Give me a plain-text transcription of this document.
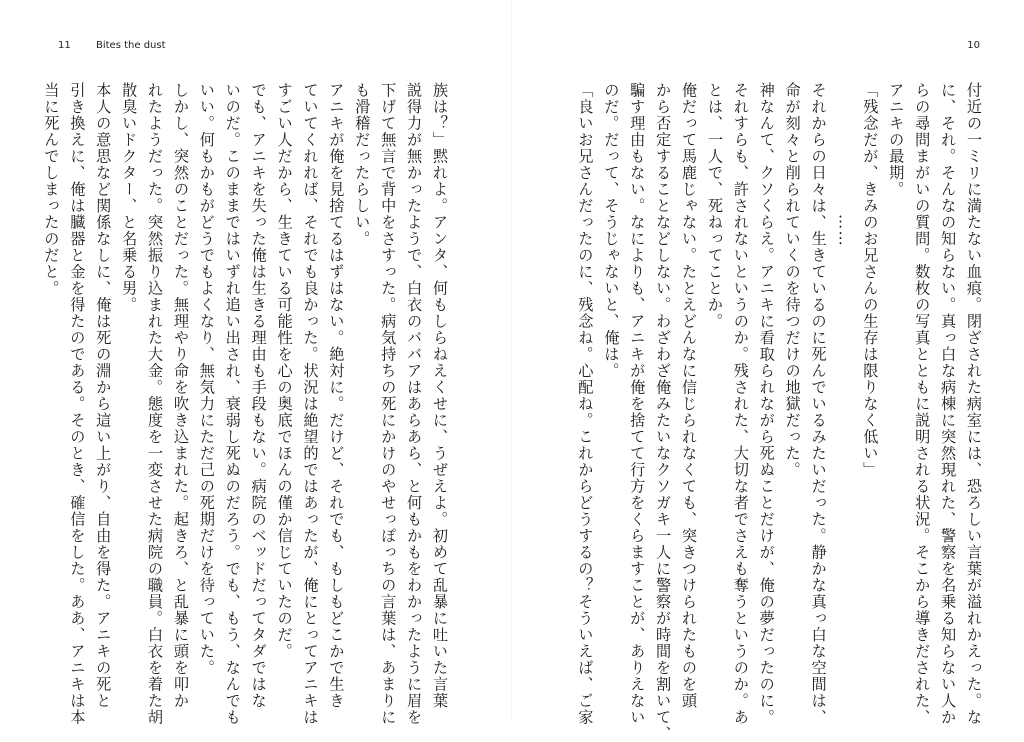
11	Bites the dust
族は？」黙れよ。アンタ、何もしらねえくせに、うぜえよ。初めて乱暴に吐いた言葉
説得力が無かったようで、白衣のババアはあらあら、と何もかもをわかったように眉を
下げて無言で背中をさすった。病気持ちの死にかけのやせっぽっちの言葉は、あまりに
も滑稽だったらしい。
アニキが俺を見捨てるはずはない。絶対に。だけど、それでも、もしもどこかで生き
ていてくれれば、それでも良かった。状況は絶望的ではあったが、俺にとってアニキは
すごい人だから、生きている可能性を心の奥底でほんの僅か信じていたのだ。
でも、アニキを失った俺は生きる理由も手段もない。病院のベッドだってタダではな
いのだ。このままではいずれ追い出され、衰弱し死ぬのだろう。でも、もう、なんでも
いい。何もかもがどうでもよくなり、無気力にただ己の死期だけを待っていた。
しかし、突然のことだった。無理やり命を吹き込まれた。起きろ、と乱暴に頭を叩か
れたようだった。突然振り込まれた大金。態度を一変させた病院の職員。白衣を着た胡
散臭いドクター、と名乗る男。
本人の意思など関係なしに、俺は死の淵から這い上がり、自由を得た。アニキの死と
引き換えに、俺は臓器と金を得たのである。そのとき、確信をした。ああ、アニキは本
当に死んでしまったのだと。
10
付近の一ミリに満たない血痕。閉ざされた病室には、恐ろしい言葉が溢れかえった。な
に、それ。そんなの知らない。真っ白な病棟に突然現れた、警察を名乗る知らない人か
らの尋問まがいの質問。数枚の写真とともに説明される状況。そこから導きだされた、
アニキの最期。
「残念だが、きみのお兄さんの生存は限りなく低い」
　　　　　　　　……
それからの日々は、生きているのに死んでいるみたいだった。静かな真っ白な空間は、
命が刻々と削られていくのを待つだけの地獄だった。
神なんて、クソくらえ。アニキに看取られながら死ぬことだけが、俺の夢だったのに。
それすらも、許されないというのか。残された、大切な者でさえも奪うというのか。あ
とは、一人で、死ねってことか。
俺だって馬鹿じゃない。たとえどんなに信じられなくても、突きつけられたものを頭
から否定することなどしない。わざわざ俺みたいなクソガキ一人に警察が時間を割いて、
騙す理由もない。なによりも、アニキが俺を捨てて行方をくらますことが、ありえない
のだ。だって、そうじゃないと、俺は。
「良いお兄さんだったのに、残念ね。心配ね。これからどうするの？そういえば、ご家
